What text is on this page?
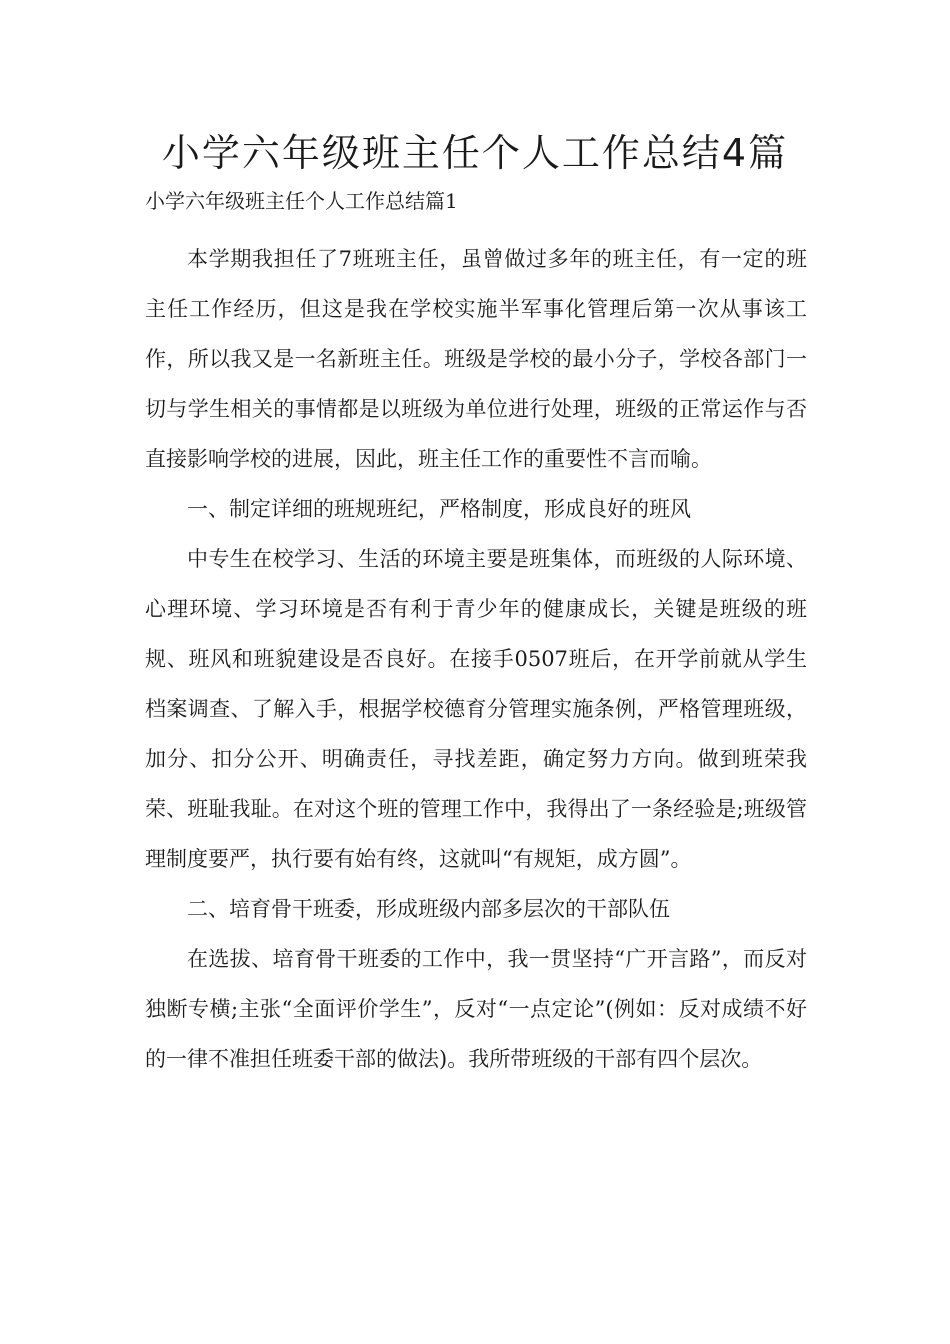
小学六年级班主任个人工作总结4篇
小学六年级班主任个人工作总结篇1

本学期我担任了7班班主任，虽曾做过多年的班主任，有一定的班主任工作经历，但这是我在学校实施半军事化管理后第一次从事该工作，所以我又是一名新班主任。班级是学校的最小分子，学校各部门一切与学生相关的事情都是以班级为单位进行处理，班级的正常运作与否直接影响学校的进展，因此，班主任工作的重要性不言而喻。

一、制定详细的班规班纪，严格制度，形成良好的班风

中专生在校学习、生活的环境主要是班集体，而班级的人际环境、心理环境、学习环境是否有利于青少年的健康成长，关键是班级的班规、班风和班貌建设是否良好。在接手0507班后，在开学前就从学生档案调查、了解入手，根据学校德育分管理实施条例，严格管理班级，加分、扣分公开、明确责任，寻找差距，确定努力方向。做到班荣我荣、班耻我耻。在对这个班的管理工作中，我得出了一条经验是;班级管理制度要严，执行要有始有终，这就叫“有规矩，成方圆”。

二、培育骨干班委，形成班级内部多层次的干部队伍

在选拔、培育骨干班委的工作中，我一贯坚持“广开言路”，而反对独断专横;主张“全面评价学生”，反对“一点定论”(例如：反对成绩不好的一律不准担任班委干部的做法)。我所带班级的干部有四个层次。
